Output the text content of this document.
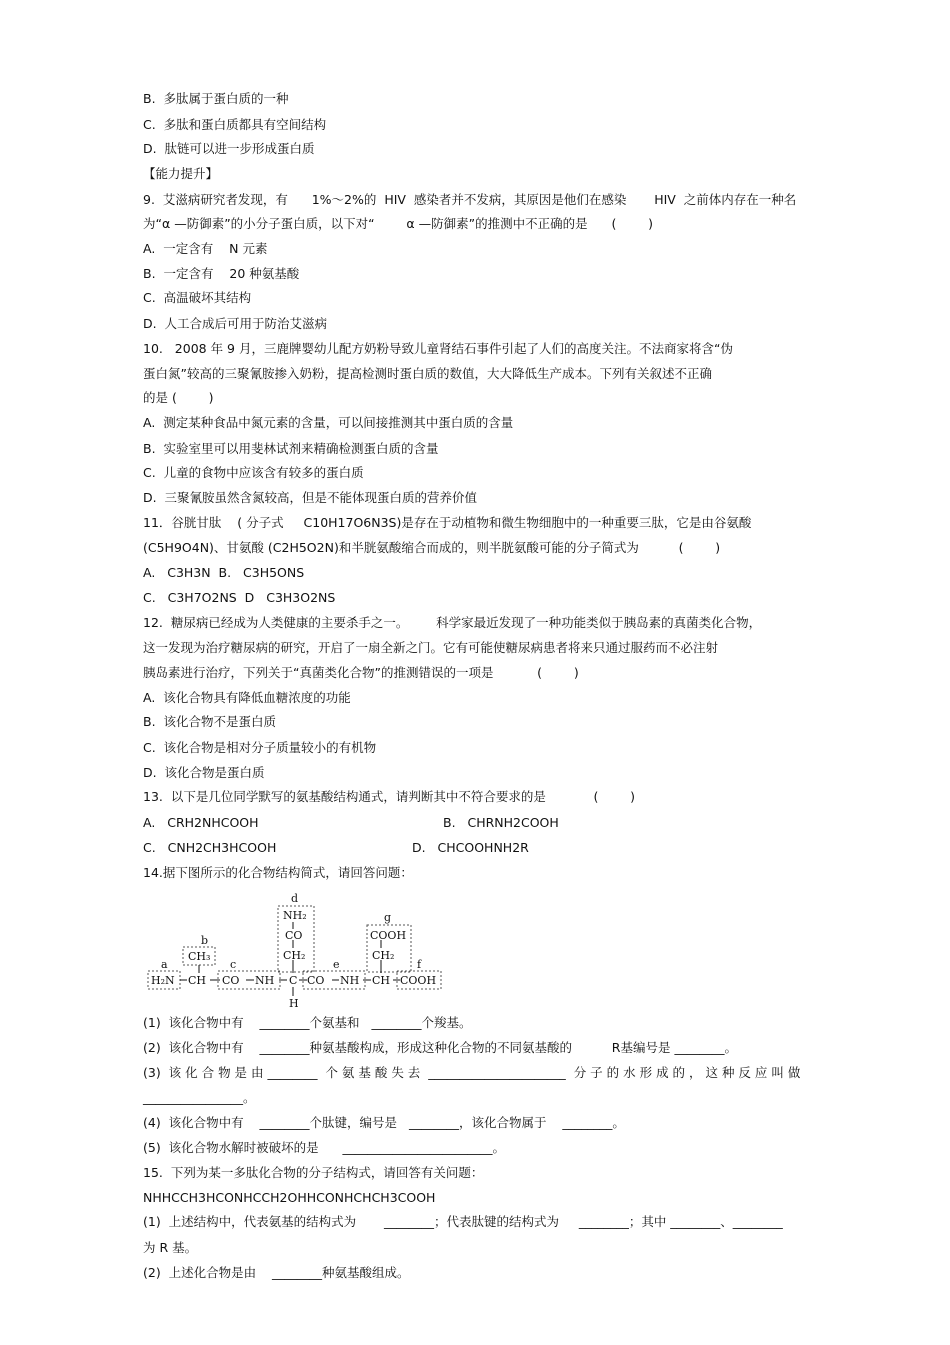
B.  多肽属于蛋白质的一种
C.  多肽和蛋白质都具有空间结构
D.  肽链可以进一步形成蛋白质
【能力提升】
9.  艾滋病研究者发现，有      1%～2%的  HIV  感染者并不发病，其原因是他们在感染       HIV  之前体内存在一种名
为“α —防御素”的小分子蛋白质，以下对“        α —防御素”的推测中不正确的是      (        )
A.  一定含有    N 元素
B.  一定含有    20 种氨基酸
C.  高温破坏其结构
D.  人工合成后可用于防治艾滋病
10.   2008 年 9 月，三鹿牌婴幼儿配方奶粉导致儿童肾结石事件引起了人们的高度关注。不法商家将含“伪
蛋白氮”较高的三聚氰胺掺入奶粉，提高检测时蛋白质的数值，大大降低生产成本。下列有关叙述不正确
的是 (        )
A.  测定某种食品中氮元素的含量，可以间接推测其中蛋白质的含量
B.  实验室里可以用斐林试剂来精确检测蛋白质的含量
C.  儿童的食物中应该含有较多的蛋白质
D.  三聚氰胺虽然含氮较高，但是不能体现蛋白质的营养价值
11．谷胱甘肽    ( 分子式     C10H17O6N3S)是存在于动植物和微生物细胞中的一种重要三肽，它是由谷氨酸
(C5H9O4N)、甘氨酸 (C2H5O2N)和半胱氨酸缩合而成的，则半胱氨酸可能的分子简式为          (        )
A.   C3H3N  B.   C3H5ONS
C.   C3H7O2NS  D   C3H3O2NS
12.  糖尿病已经成为人类健康的主要杀手之一。       科学家最近发现了一种功能类似于胰岛素的真菌类化合物，
这一发现为治疗糖尿病的研究，开启了一扇全新之门。它有可能使糖尿病患者将来只通过服药而不必注射
胰岛素进行治疗，下列关于“真菌类化合物”的推测错误的一项是           (        )
A.  该化合物具有降低血糖浓度的功能
B.  该化合物不是蛋白质
C.  该化合物是相对分子质量较小的有机物
D.  该化合物是蛋白质
13.  以下是几位同学默写的氨基酸结构通式，请判断其中不符合要求的是            (        )
A.   CRH2NHCOOH	B.   CHRNH2COOH
C.   CNH2CH3HCOOH	D.   CHCOOHNH2R
14.据下图所示的化合物结构简式，请回答问题：
a
b
c
d
e
g
f
H₂N CH
CH₃
CO NH C
NH₂
CO
CH₂
H
CO NH CH
COOH
CH₂
COOH
(1)  该化合物中有    ________个氨基和   ________个羧基。
(2)  该化合物中有    ________种氨基酸构成，形成这种化合物的不同氨基酸的          R基编号是 ________。
(3)  该 化 合 物 是 由 ________  个 氨 基 酸 失 去  ______________________  分 子 的 水 形 成 的 ， 这 种 反 应 叫 做
________________。
(4)  该化合物中有    ________个肽键，编号是   ________，该化合物属于    ________。
(5)  该化合物水解时被破坏的是      ________________________。
15.  下列为某一多肽化合物的分子结构式，请回答有关问题：
NHHCCH3HCONHCCH2OHHCONHCHCH3COOH
(1)  上述结构中，代表氨基的结构式为       ________；代表肽键的结构式为     ________；其中 ________、________
为 R 基。
(2)  上述化合物是由    ________种氨基酸组成。
